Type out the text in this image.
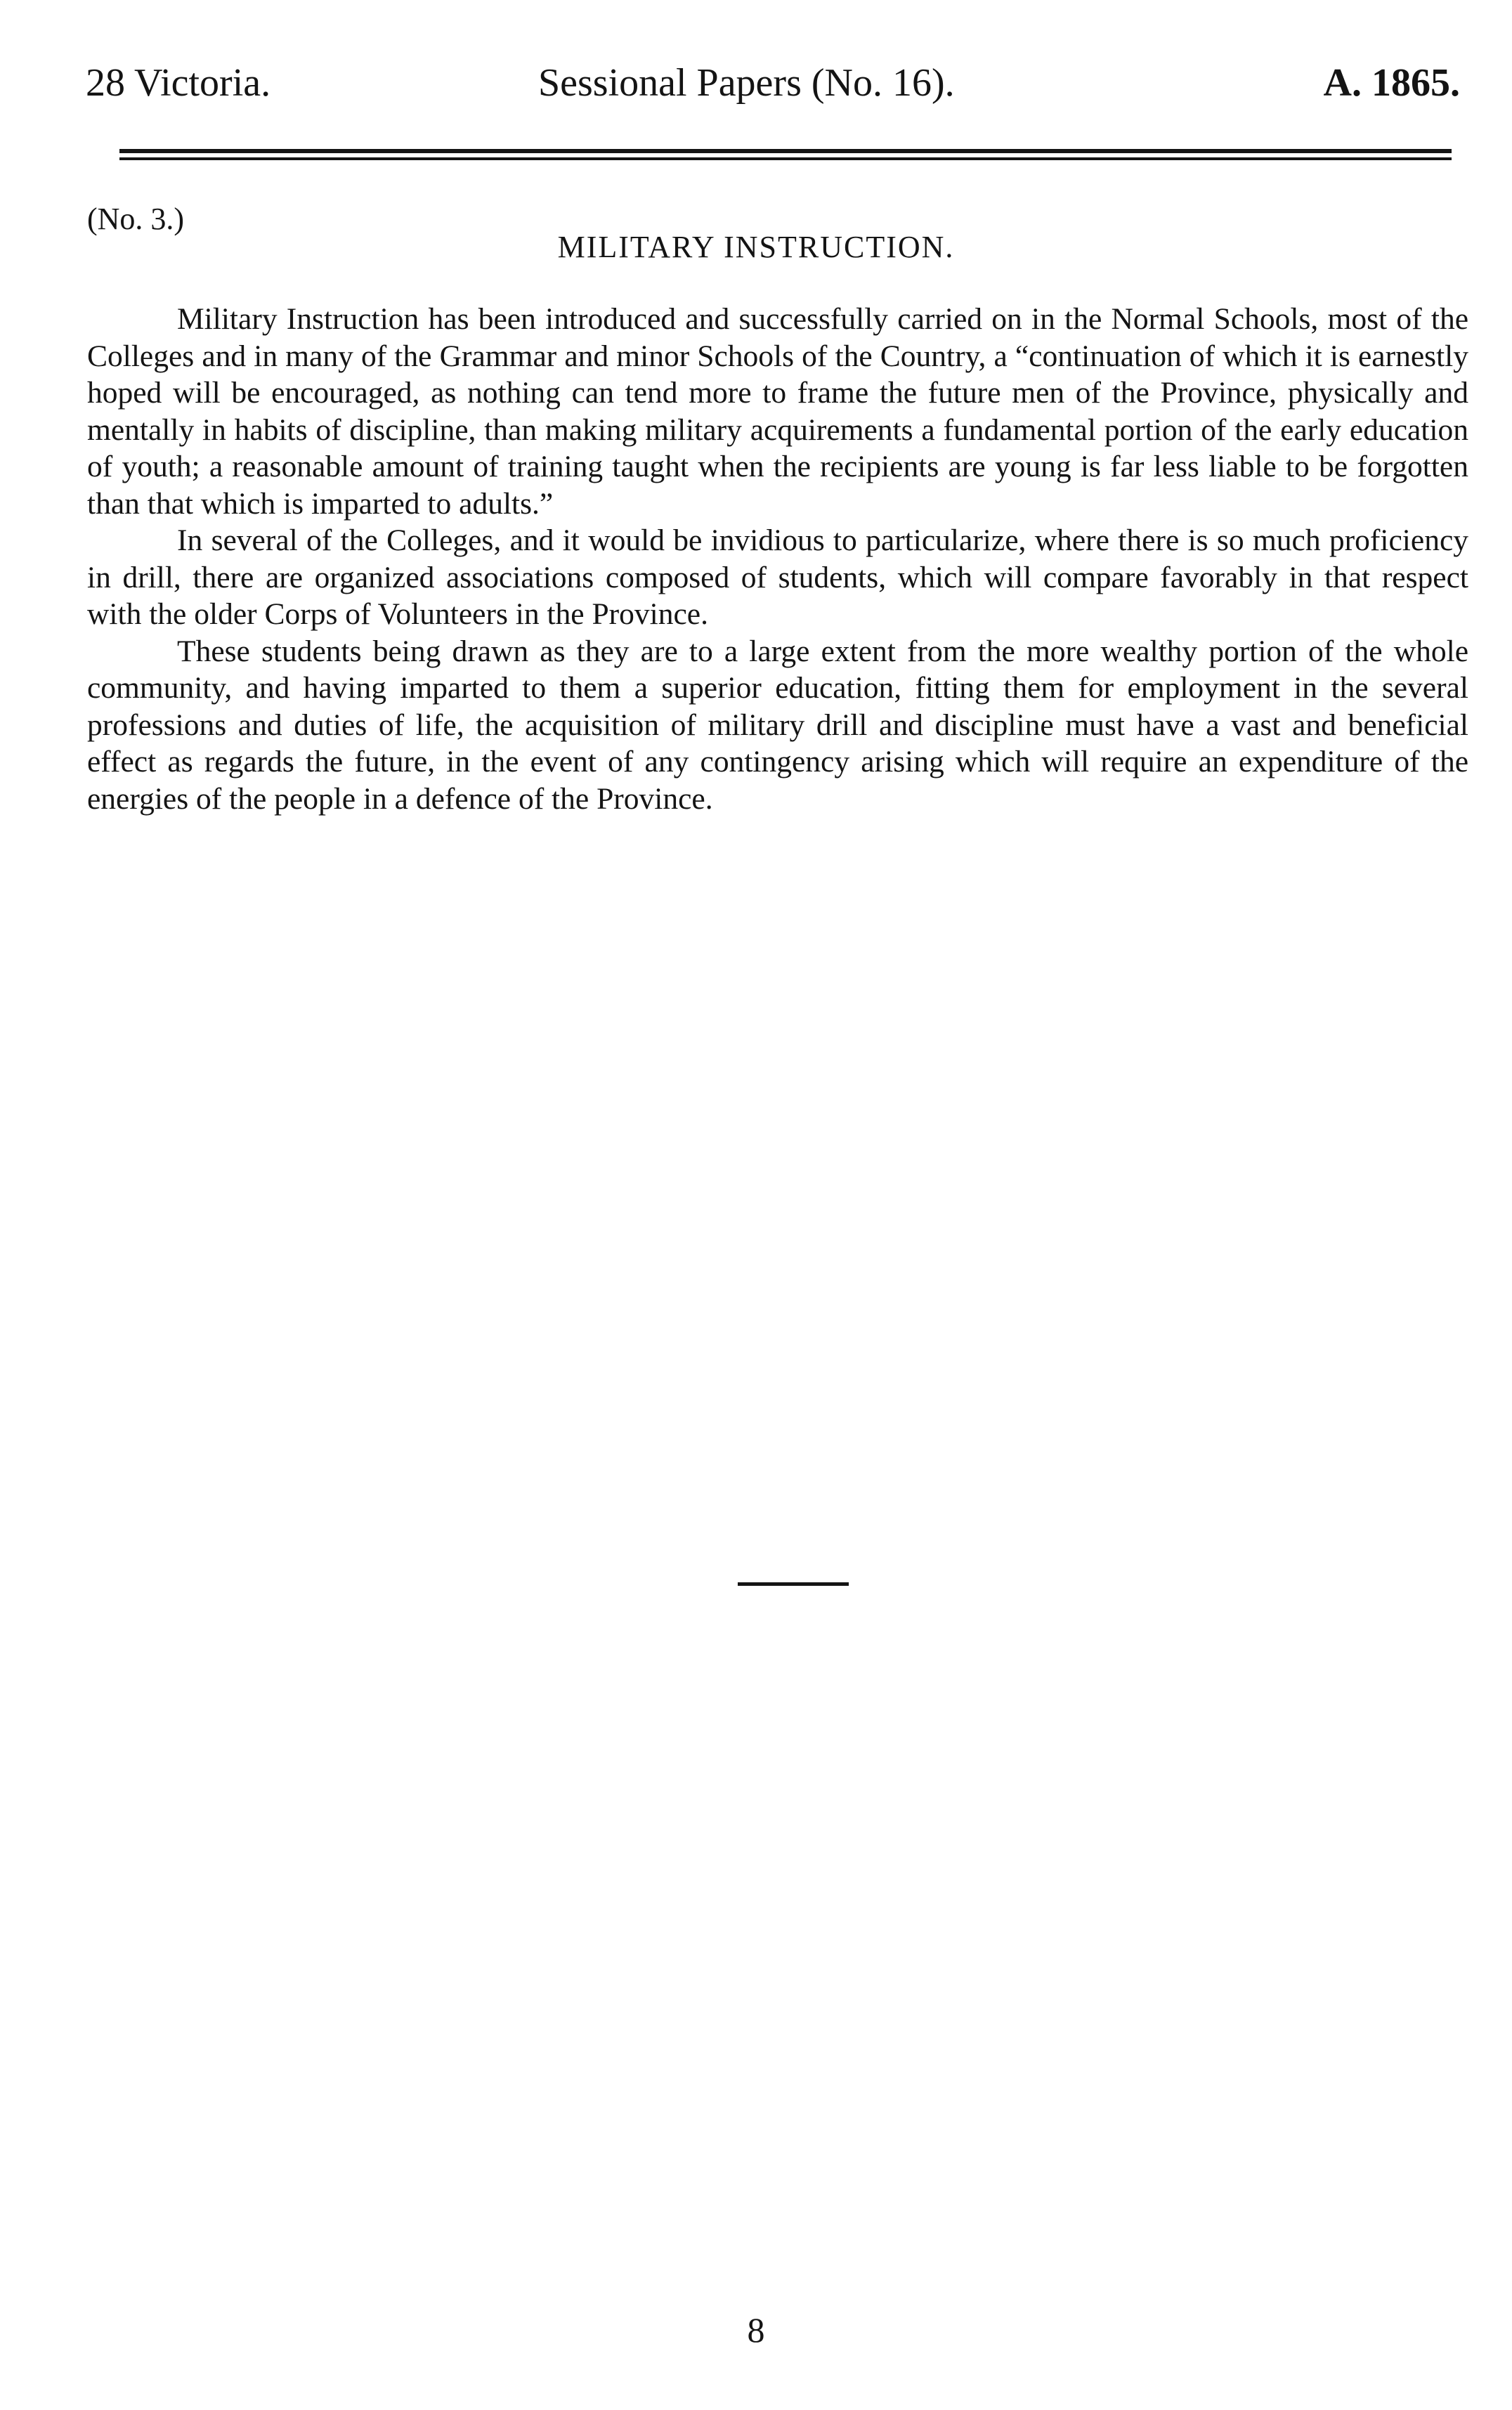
28 Victoria.	Sessional Papers (No. 16).	A. 1865.
(No. 3.)
MILITARY INSTRUCTION.

Military Instruction has been introduced and successfully carried on in the Normal Schools, most of the Colleges and in many of the Grammar and minor Schools of the Country, a “continuation of which it is earnestly hoped will be encouraged, as nothing can tend more to frame the future men of the Province, physically and mentally in habits of discipline, than making military acquirements a fundamental portion of the early education of youth; a reasonable amount of training taught when the recipients are young is far less liable to be forgotten than that which is imparted to adults.”

In several of the Colleges, and it would be invidious to particularize, where there is so much proficiency in drill, there are organized associations composed of students, which will compare favorably in that respect with the older Corps of Volunteers in the Province.

These students being drawn as they are to a large extent from the more wealthy portion of the whole community, and having imparted to them a superior education, fitting them for employment in the several professions and duties of life, the acquisition of military drill and discipline must have a vast and beneficial effect as regards the future, in the event of any contingency arising which will require an expenditure of the energies of the people in a defence of the Province.

8
